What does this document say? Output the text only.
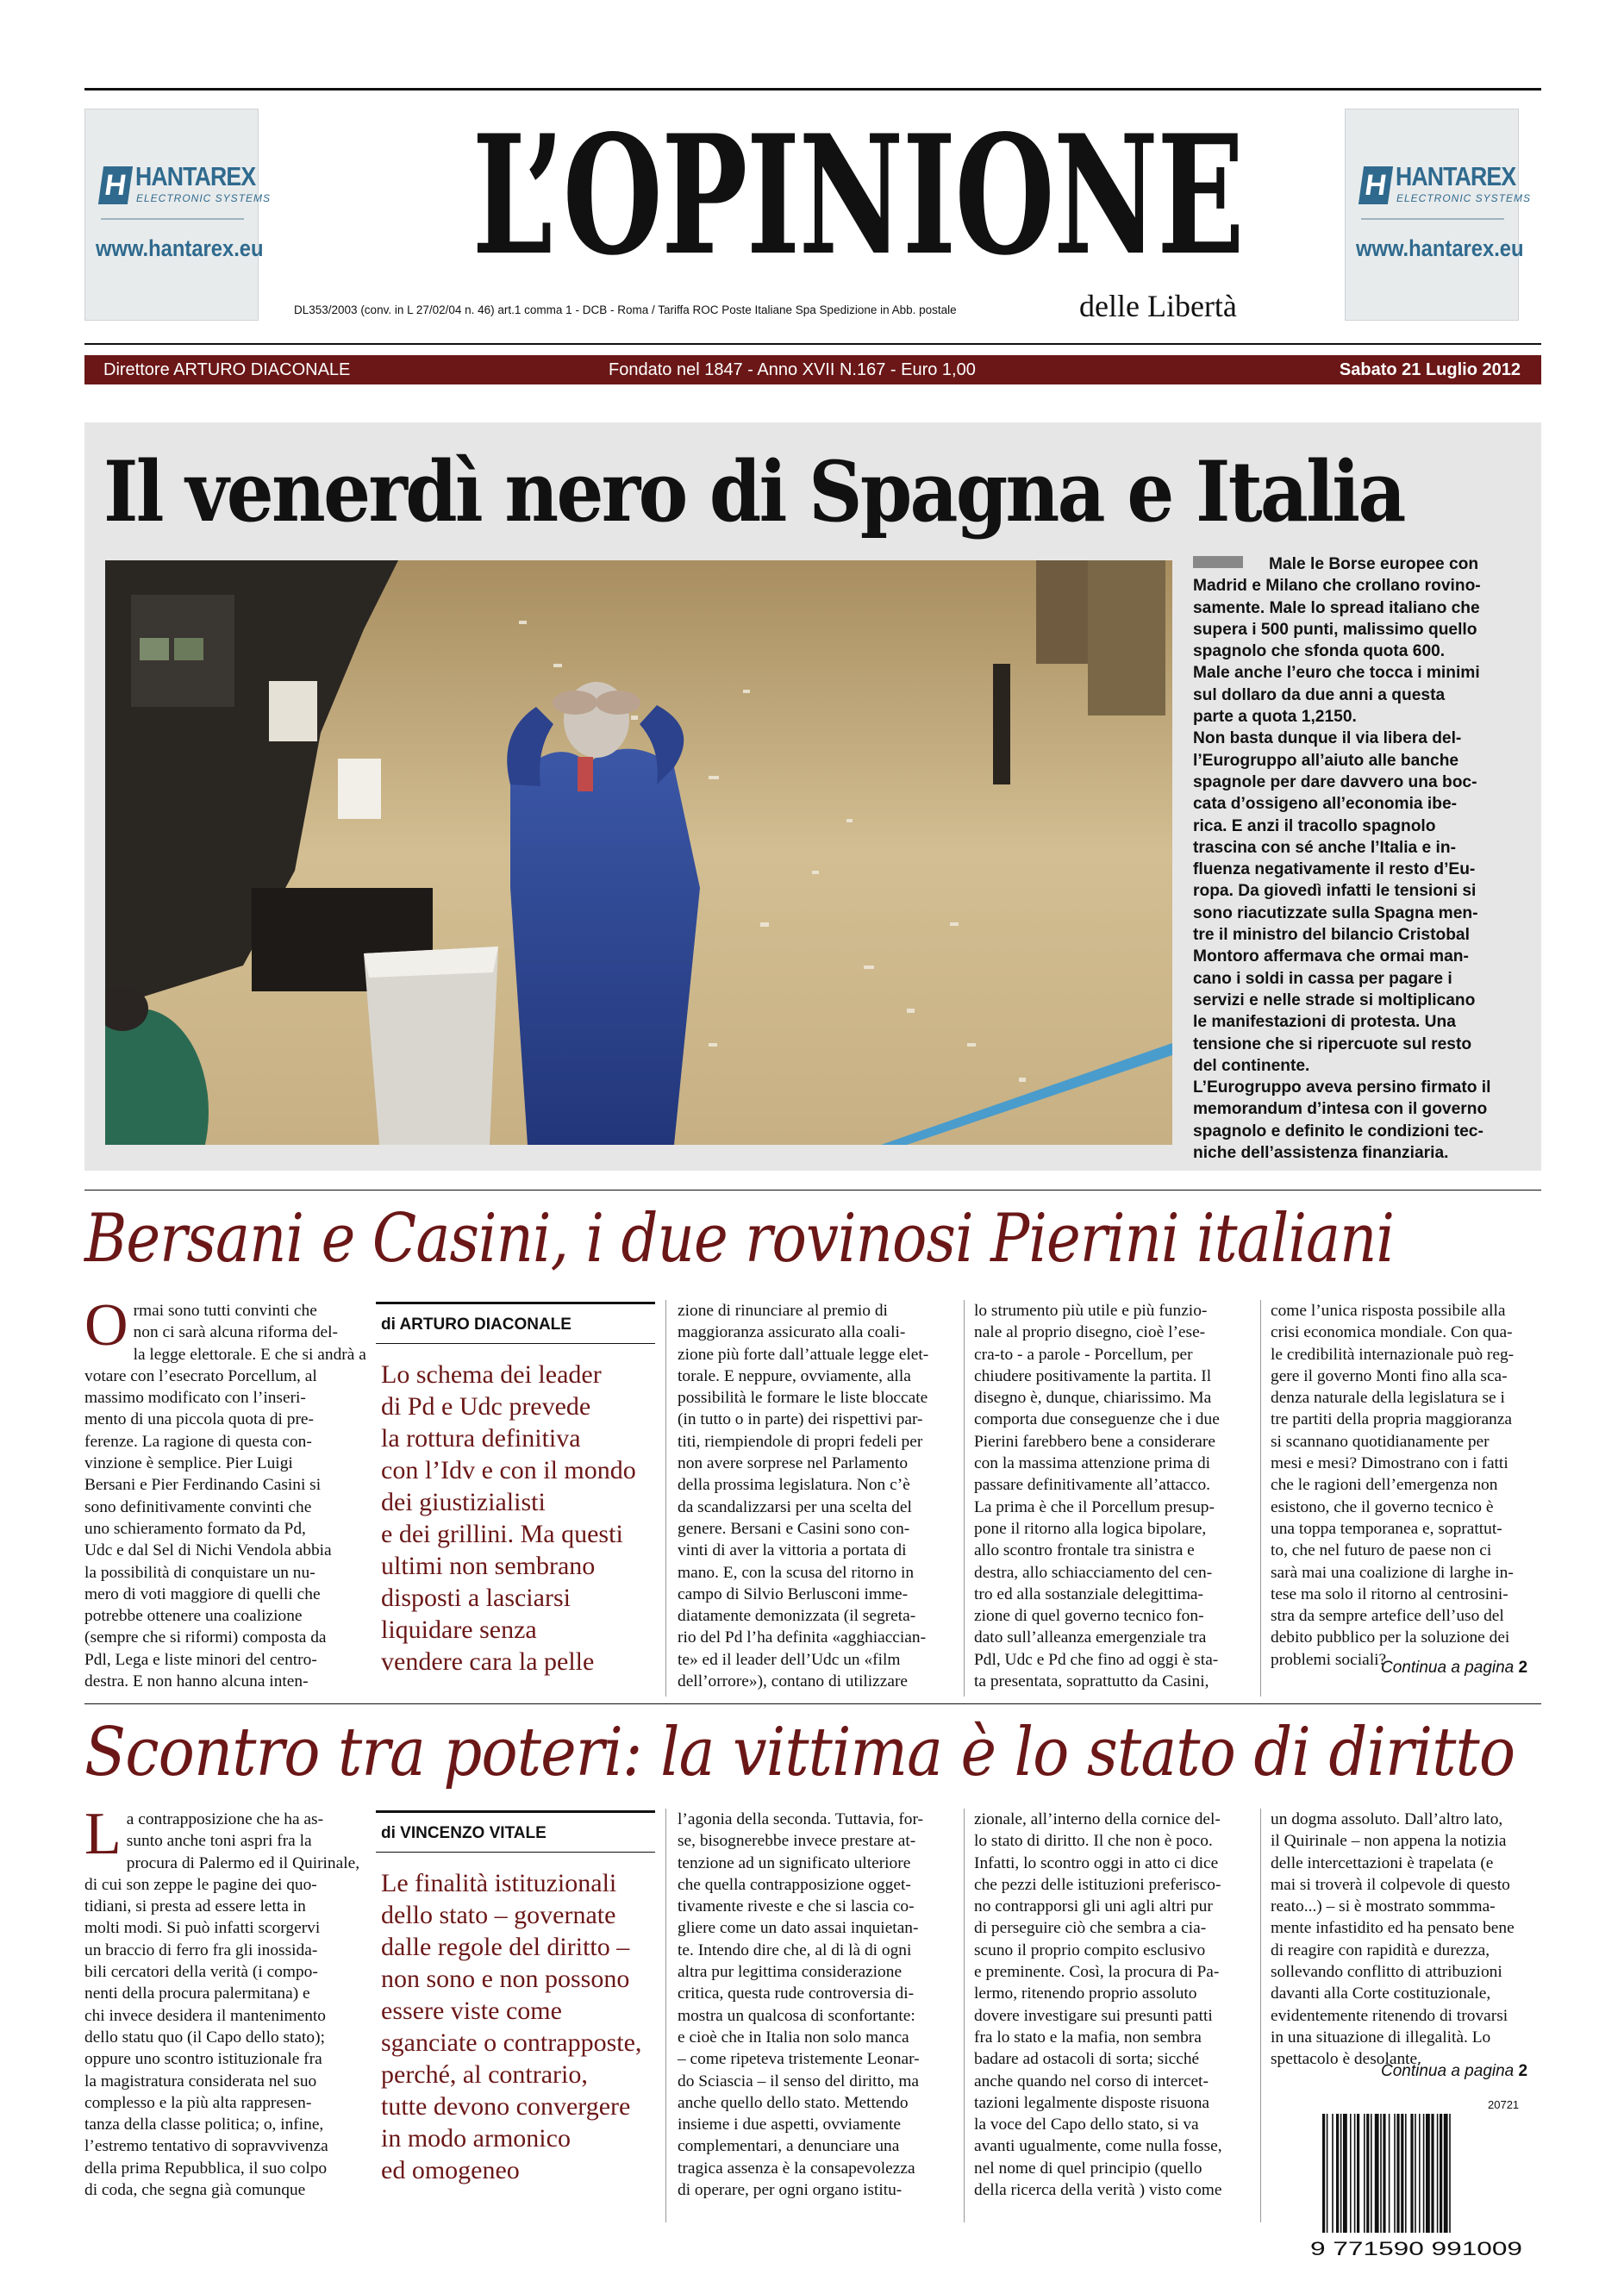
H HANTAREX
ELECTRONIC SYSTEMS
www.hantarex.eu	L’OPINIONE
DL353/2003 (conv. in L 27/02/04 n. 46) art.1 comma 1 - DCB - Roma / Tariffa ROC Poste Italiane Spa Spedizione in Abb. postale	delle Libertà
H HANTAREX
ELECTRONIC SYSTEMS
www.hantarex.eu
Direttore ARTURO DIACONALE	Fondato nel 1847 - Anno XVII N.167 - Euro 1,00	Sabato 21 Luglio 2012
Il venerdì nero di Spagna e Italia
Male le Borse europee con
Madrid e Milano che crollano rovino-
samente. Male lo spread italiano che
supera i 500 punti, malissimo quello
spagnolo che sfonda quota 600.
Male anche l’euro che tocca i minimi
sul dollaro da due anni a questa
parte a quota 1,2150.
Non basta dunque il via libera del-
l’Eurogruppo all’aiuto alle banche
spagnole per dare davvero una boc-
cata d’ossigeno all’economia ibe-
rica. E anzi il tracollo spagnolo
trascina con sé anche l’Italia e in-
fluenza negativamente il resto d’Eu-
ropa. Da giovedì infatti le tensioni si
sono riacutizzate sulla Spagna men-
tre il ministro del bilancio Cristobal
Montoro affermava che ormai man-
cano i soldi in cassa per pagare i
servizi e nelle strade si moltiplicano
le manifestazioni di protesta. Una
tensione che si ripercuote sul resto
del continente.
L’Eurogruppo aveva persino firmato il
memorandum d’intesa con il governo
spagnolo e definito le condizioni tec-
niche dell’assistenza finanziaria.
Bersani e Casini, i due rovinosi Pierini italiani
O rmai sono tutti convinti che
non ci sarà alcuna riforma del-
la legge elettorale. E che si andrà a
votare con l’esecrato Porcellum, al
massimo modificato con l’inseri-
mento di una piccola quota di pre-
ferenze. La ragione di questa con-
vinzione è semplice. Pier Luigi
Bersani e Pier Ferdinando Casini si
sono definitivamente convinti che
uno schieramento formato da Pd,
Udc e dal Sel di Nichi Vendola abbia
la possibilità di conquistare un nu-
mero di voti maggiore di quelli che
potrebbe ottenere una coalizione
(sempre che si riformi) composta da
Pdl, Lega e liste minori del centro-
destra. E non hanno alcuna inten-
di ARTURO DIACONALE
Lo schema dei leader
di Pd e Udc prevede
la rottura definitiva
con l’Idv e con il mondo
dei giustizialisti
e dei grillini. Ma questi
ultimi non sembrano
disposti a lasciarsi
liquidare senza
vendere cara la pelle
zione di rinunciare al premio di
maggioranza assicurato alla coali-
zione più forte dall’attuale legge elet-
torale. E neppure, ovviamente, alla
possibilità le formare le liste bloccate
(in tutto o in parte) dei rispettivi par-
titi, riempiendole di propri fedeli per
non avere sorprese nel Parlamento
della prossima legislatura. Non c’è
da scandalizzarsi per una scelta del
genere. Bersani e Casini sono con-
vinti di aver la vittoria a portata di
mano. E, con la scusa del ritorno in
campo di Silvio Berlusconi imme-
diatamente demonizzata (il segreta-
rio del Pd l’ha definita «agghiaccian-
te» ed il leader dell’Udc un «film
dell’orrore»), contano di utilizzare
lo strumento più utile e più funzio-
nale al proprio disegno, cioè l’ese-
cra-to - a parole - Porcellum, per
chiudere positivamente la partita. Il
disegno è, dunque, chiarissimo. Ma
comporta due conseguenze che i due
Pierini farebbero bene a considerare
con la massima attenzione prima di
passare definitivamente all’attacco.
La prima è che il Porcellum presup-
pone il ritorno alla logica bipolare,
allo scontro frontale tra sinistra e
destra, allo schiacciamento del cen-
tro ed alla sostanziale delegittima-
zione di quel governo tecnico fon-
dato sull’alleanza emergenziale tra
Pdl, Udc e Pd che fino ad oggi è sta-
ta presentata, soprattutto da Casini,
come l’unica risposta possibile alla
crisi economica mondiale. Con qua-
le credibilità internazionale può reg-
gere il governo Monti fino alla sca-
denza naturale della legislatura se i
tre partiti della propria maggioranza
si scannano quotidianamente per
mesi e mesi? Dimostrano con i fatti
che le ragioni dell’emergenza non
esistono, che il governo tecnico è
una toppa temporanea e, soprattut-
to, che nel futuro de paese non ci
sarà mai una coalizione di larghe in-
tese ma solo il ritorno al centrosini-
stra da sempre artefice dell’uso del
debito pubblico per la soluzione dei
problemi sociali?
Continua a pagina 2
Scontro tra poteri: la vittima è lo stato di diritto
L a contrapposizione che ha as-
sunto anche toni aspri fra la
procura di Palermo ed il Quirinale,
di cui son zeppe le pagine dei quo-
tidiani, si presta ad essere letta in
molti modi. Si può infatti scorgervi
un braccio di ferro fra gli inossida-
bili cercatori della verità (i compo-
nenti della procura palermitana) e
chi invece desidera il mantenimento
dello statu quo (il Capo dello stato);
oppure uno scontro istituzionale fra
la magistratura considerata nel suo
complesso e la più alta rappresen-
tanza della classe politica; o, infine,
l’estremo tentativo di sopravvivenza
della prima Repubblica, il suo colpo
di coda, che segna già comunque
di VINCENZO VITALE
Le finalità istituzionali
dello stato – governate
dalle regole del diritto –
non sono e non possono
essere viste come
sganciate o contrapposte,
perché, al contrario,
tutte devono convergere
in modo armonico
ed omogeneo
l’agonia della seconda. Tuttavia, for-
se, bisognerebbe invece prestare at-
tenzione ad un significato ulteriore
che quella contrapposizione ogget-
tivamente riveste e che si lascia co-
gliere come un dato assai inquietan-
te. Intendo dire che, al di là di ogni
altra pur legittima considerazione
critica, questa rude controversia di-
mostra un qualcosa di sconfortante:
e cioè che in Italia non solo manca
– come ripeteva tristemente Leonar-
do Sciascia – il senso del diritto, ma
anche quello dello stato. Mettendo
insieme i due aspetti, ovviamente
complementari, a denunciare una
tragica assenza è la consapevolezza
di operare, per ogni organo istitu-
zionale, all’interno della cornice del-
lo stato di diritto. Il che non è poco.
Infatti, lo scontro oggi in atto ci dice
che pezzi delle istituzioni preferisco-
no contrapporsi gli uni agli altri pur
di perseguire ciò che sembra a cia-
scuno il proprio compito esclusivo
e preminente. Così, la procura di Pa-
lermo, ritenendo proprio assoluto
dovere investigare sui presunti patti
fra lo stato e la mafia, non sembra
badare ad ostacoli di sorta; sicché
anche quando nel corso di intercet-
tazioni legalmente disposte risuona
la voce del Capo dello stato, si va
avanti ugualmente, come nulla fosse,
nel nome di quel principio (quello
della ricerca della verità ) visto come
un dogma assoluto. Dall’altro lato,
il Quirinale – non appena la notizia
delle intercettazioni è trapelata (e
mai si troverà il colpevole di questo
reato...) – si è mostrato sommma-
mente infastidito ed ha pensato bene
di reagire con rapidità e durezza,
sollevando conflitto di attribuzioni
davanti alla Corte costituzionale,
evidentemente ritenendo di trovarsi
in una situazione di illegalità. Lo
spettacolo è desolante.
Continua a pagina 2
20721
9 771590 991009
